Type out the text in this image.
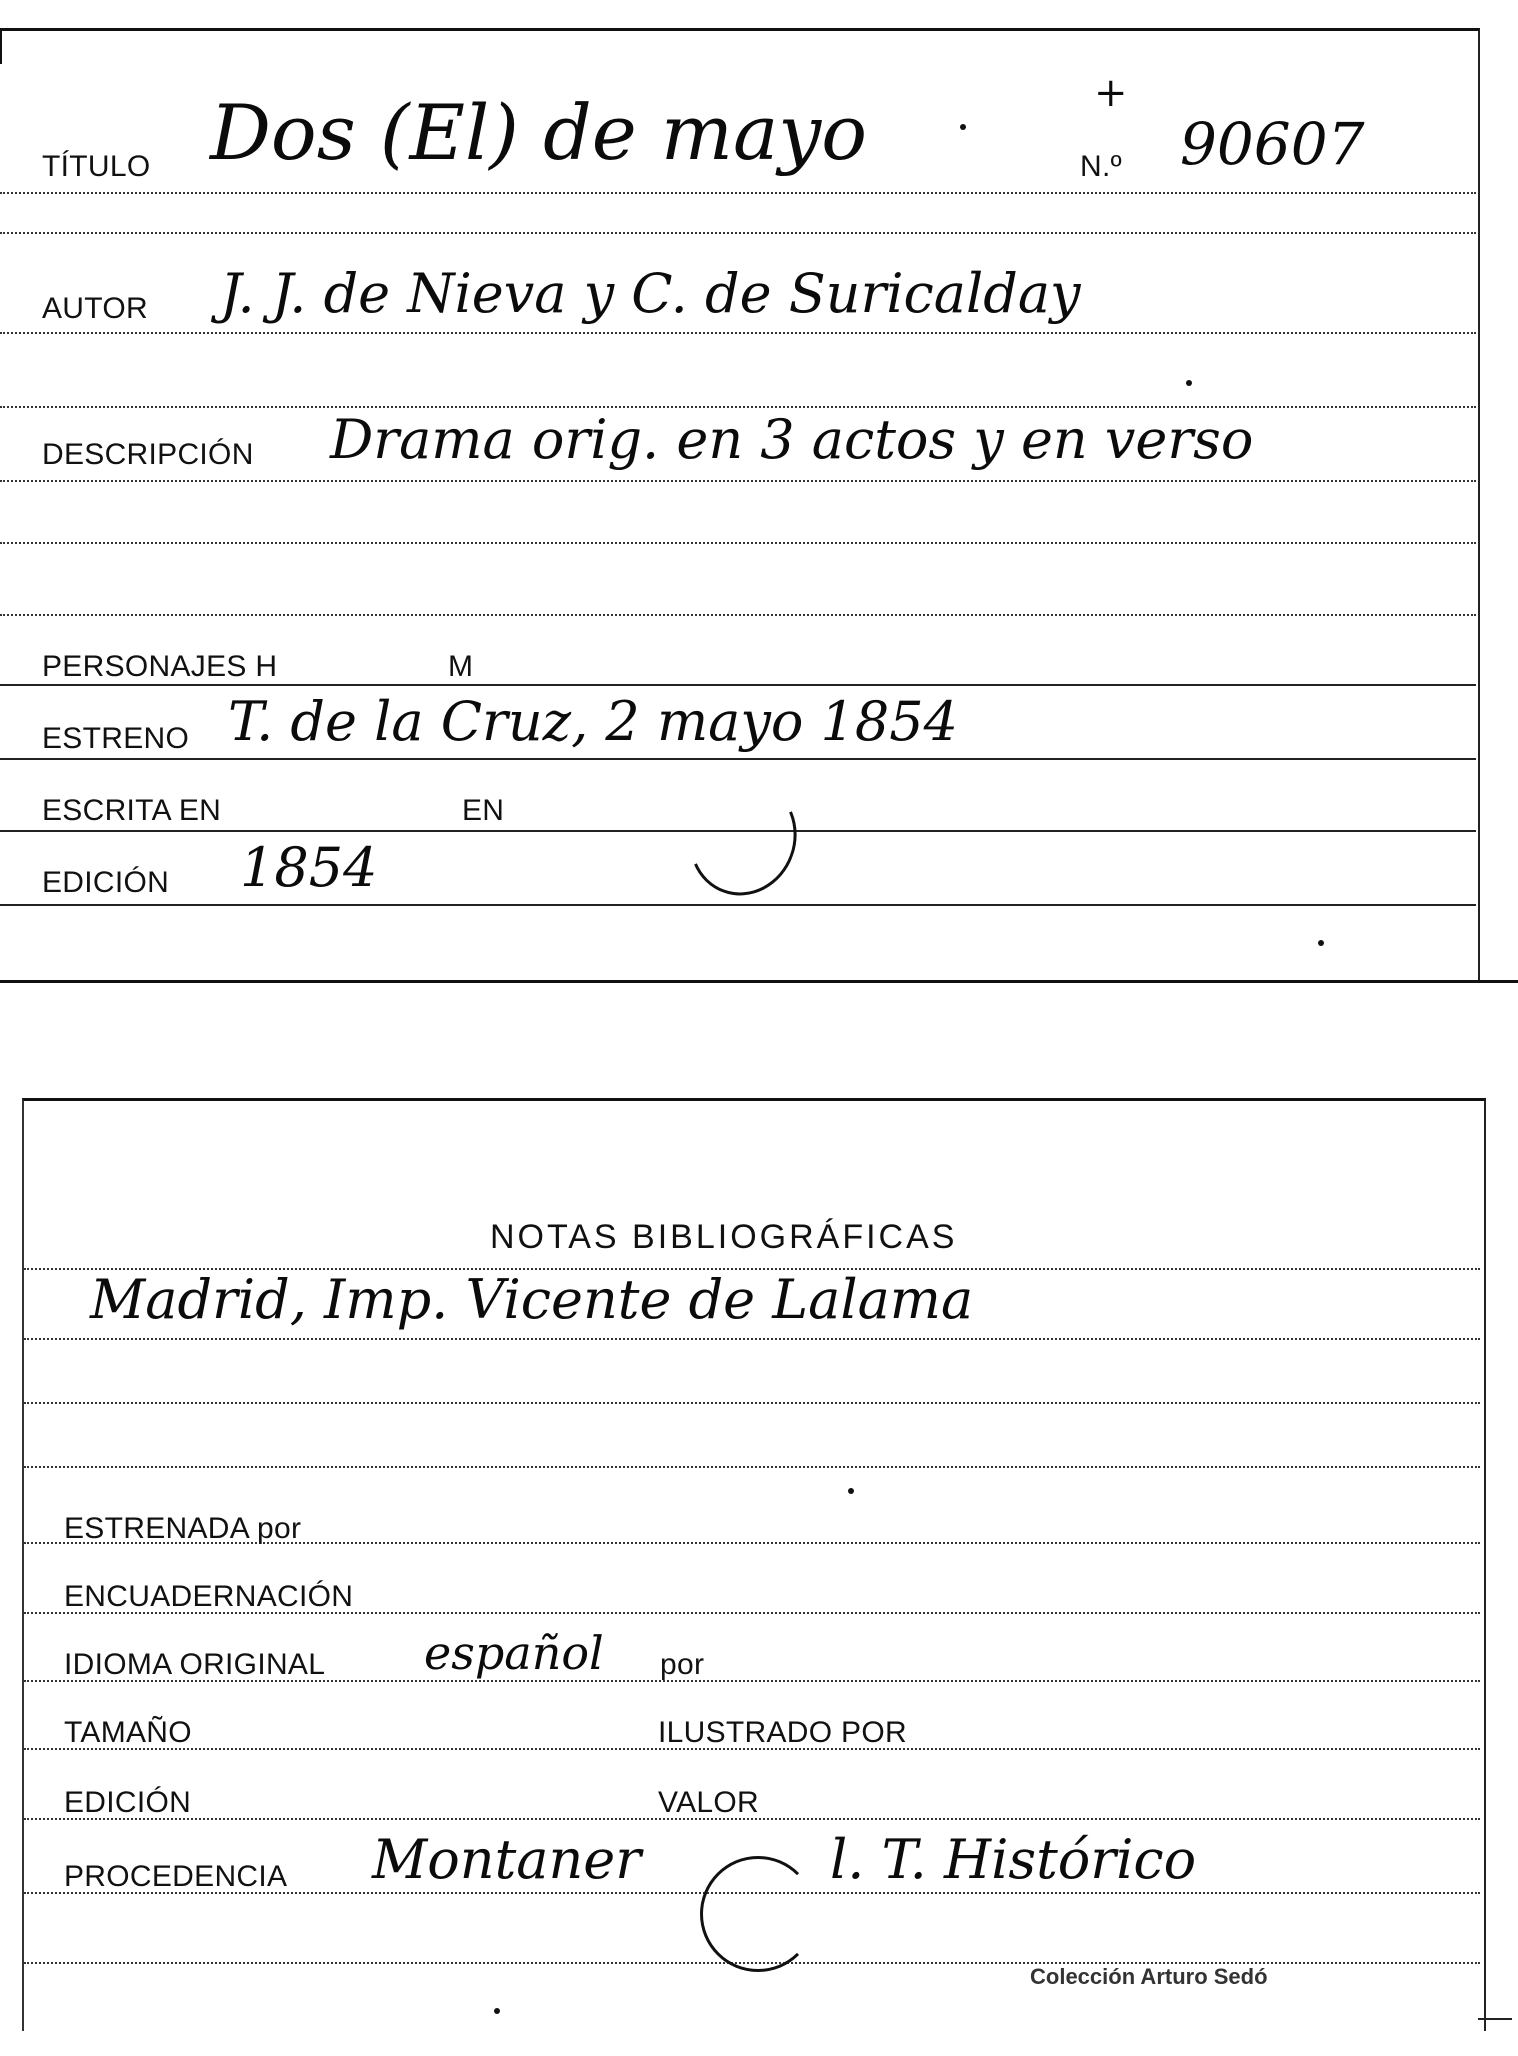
TÍTULO Dos (El) de mayo	+
N.º 90607
AUTOR J. J. de Nieva y C. de Suricalday
DESCRIPCIÓN Drama orig. en 3 actos y en verso
PERSONAJES H	M
ESTRENO T. de la Cruz, 2 mayo 1854
ESCRITA EN	EN
EDICIÓN 1854
NOTAS BIBLIOGRÁFICAS
Madrid, Imp. Vicente de Lalama
ESTRENADA por
ENCUADERNACIÓN
IDIOMA ORIGINAL español por
TAMAÑO	ILUSTRADO POR
EDICIÓN	VALOR
PROCEDENCIA Montaner	l. T. Histórico
Colección Arturo Sedó
